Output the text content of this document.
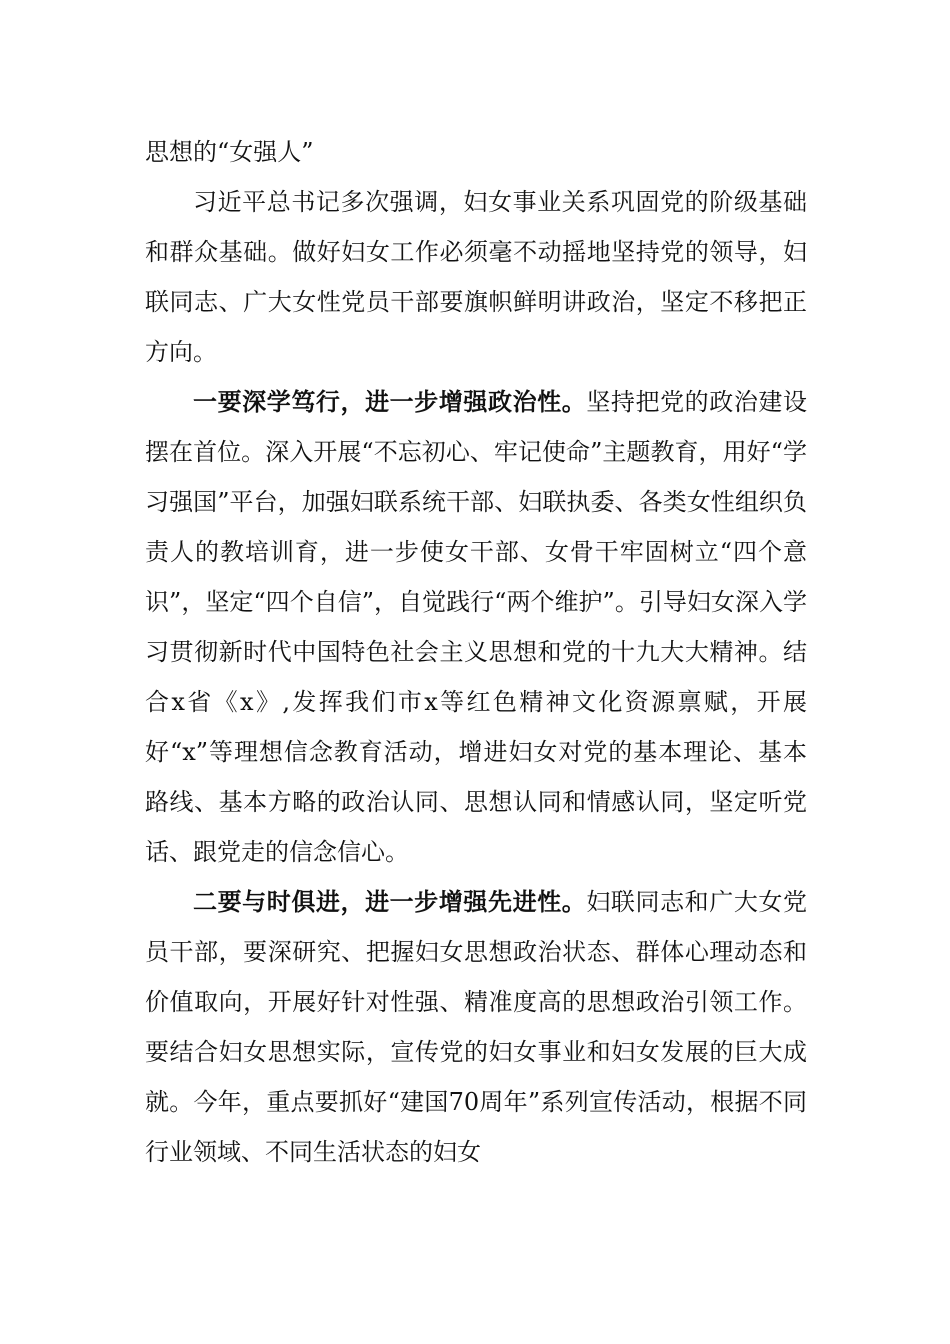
思想的“女强人”

习近平总书记多次强调，妇女事业关系巩固党的阶级基础和群众基础。做好妇女工作必须毫不动摇地坚持党的领导，妇联同志、广大女性党员干部要旗帜鲜明讲政治，坚定不移把正方向。

一要深学笃行，进一步增强政治性。坚持把党的政治建设摆在首位。深入开展“不忘初心、牢记使命”主题教育，用好“学习强国”平台，加强妇联系统干部、妇联执委、各类女性组织负责人的教培训育，进一步使女干部、女骨干牢固树立“四个意识”，坚定“四个自信”，自觉践行“两个维护”。引导妇女深入学习贯彻新时代中国特色社会主义思想和党的十九大大精神。结合x省《x》,发挥我们市x等红色精神文化资源禀赋，开展好“x”等理想信念教育活动，增进妇女对党的基本理论、基本路线、基本方略的政治认同、思想认同和情感认同，坚定听党话、跟党走的信念信心。

二要与时俱进，进一步增强先进性。妇联同志和广大女党员干部，要深研究、把握妇女思想政治状态、群体心理动态和价值取向，开展好针对性强、精准度高的思想政治引领工作。要结合妇女思想实际，宣传党的妇女事业和妇女发展的巨大成就。今年，重点要抓好“建国70周年”系列宣传活动，根据不同行业领域、不同生活状态的妇女
